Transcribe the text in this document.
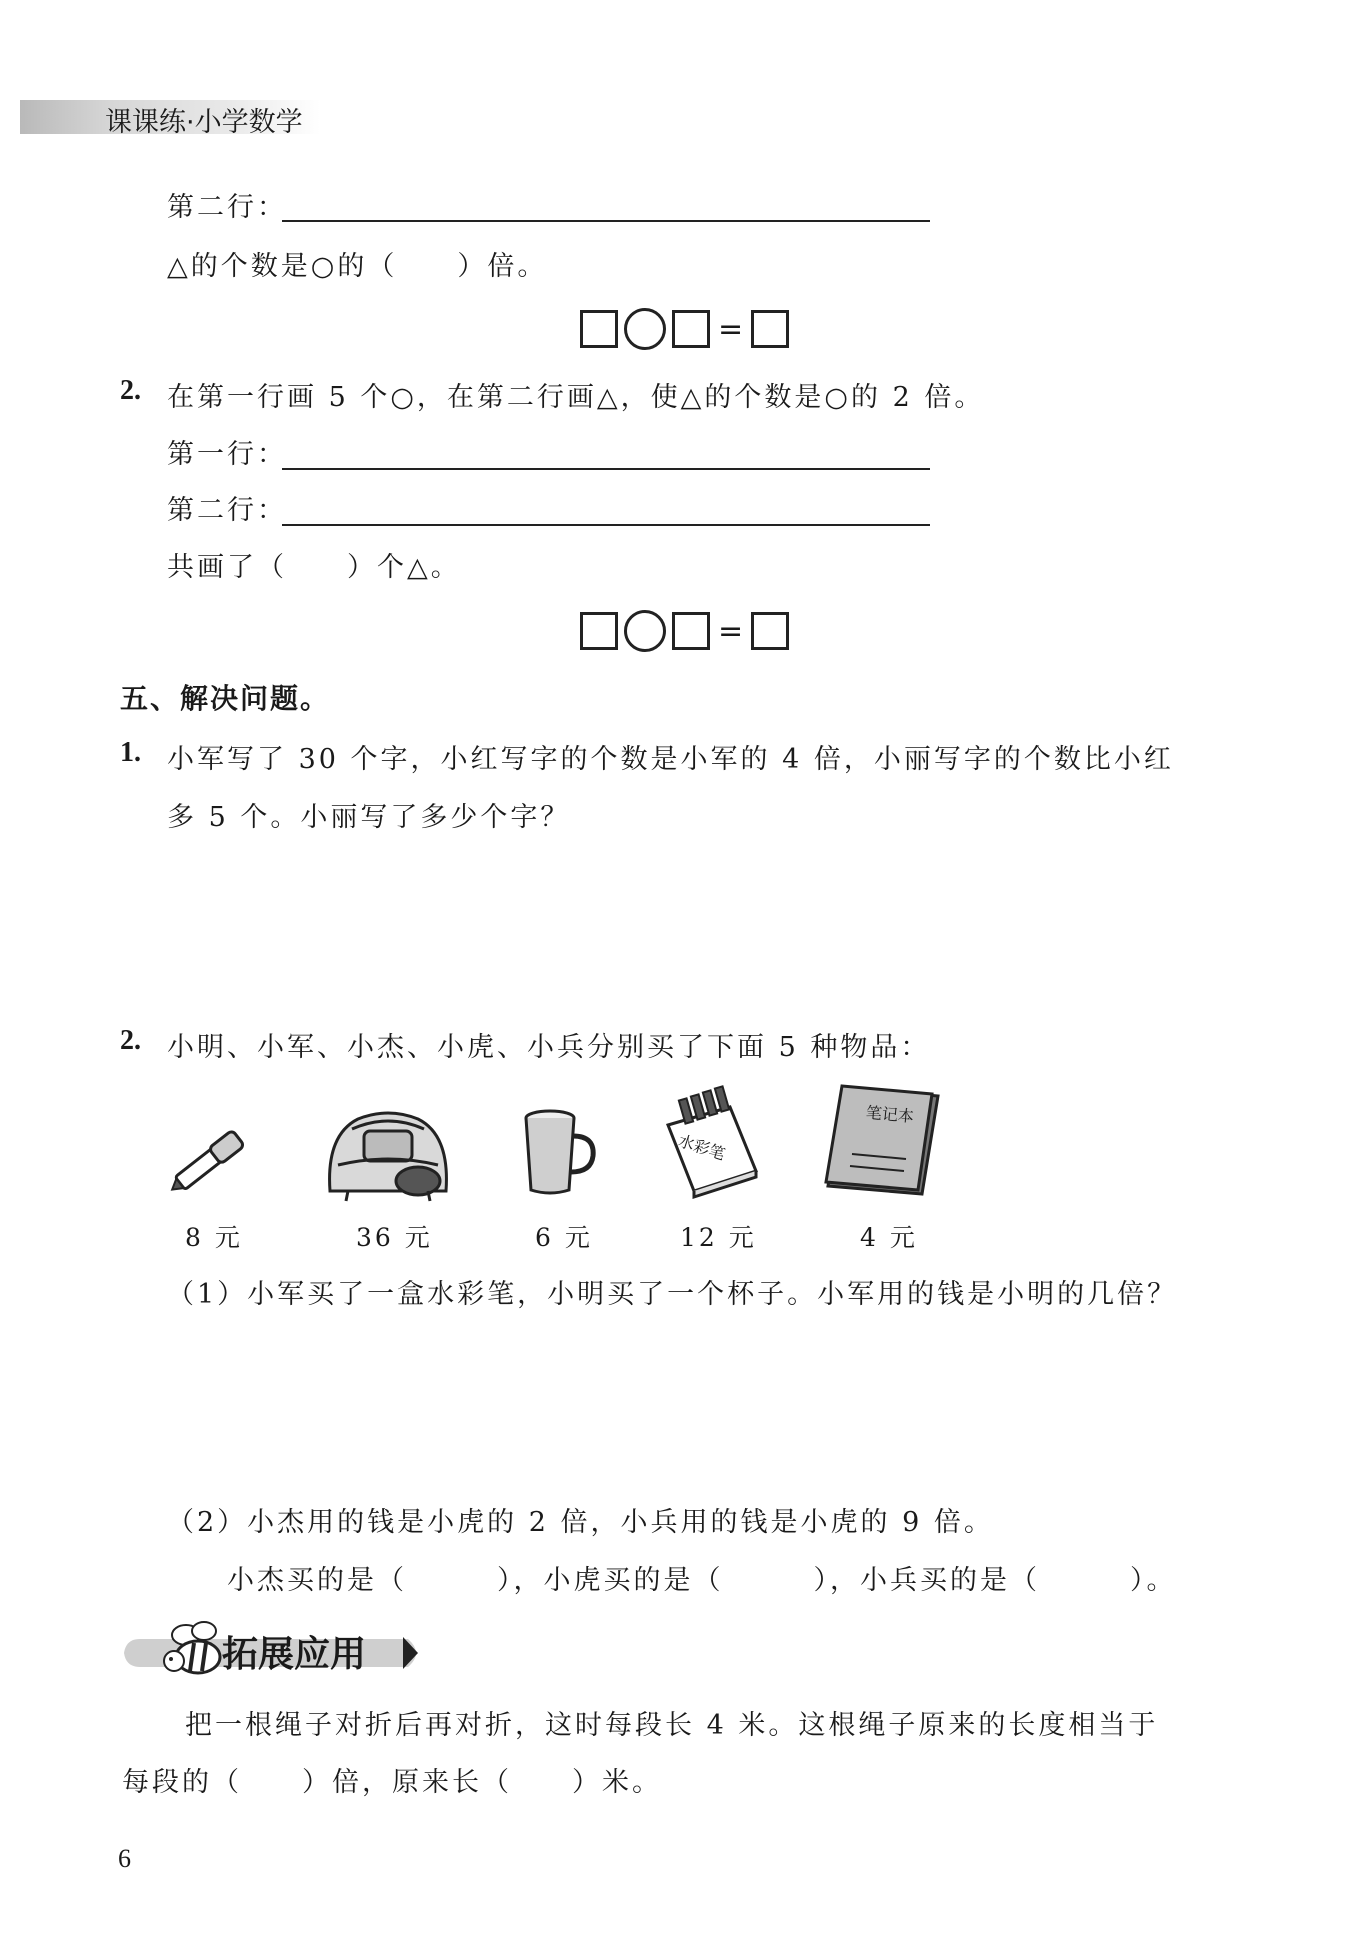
课课练·小学数学
第二行：
△的个数是○的（　　）倍。
=
2. 在第一行画 5 个○，在第二行画△，使△的个数是○的 2 倍。
第一行：
第二行：
共画了（　　）个△。
=
五、解决问题。
1. 小军写了 30 个字，小红写字的个数是小军的 4 倍，小丽写字的个数比小红
多 5 个。小丽写了多少个字？
2. 小明、小军、小杰、小虎、小兵分别买了下面 5 种物品：
水彩笔
笔记本
8 元	36 元	6 元	12 元	4 元
（1）小军买了一盒水彩笔，小明买了一个杯子。小军用的钱是小明的几倍？
（2）小杰用的钱是小虎的 2 倍，小兵用的钱是小虎的 9 倍。
小杰买的是（　　　），小虎买的是（　　　），小兵买的是（　　　）。
拓展应用
把一根绳子对折后再对折，这时每段长 4 米。这根绳子原来的长度相当于
每段的（　　）倍，原来长（　　）米。
6
